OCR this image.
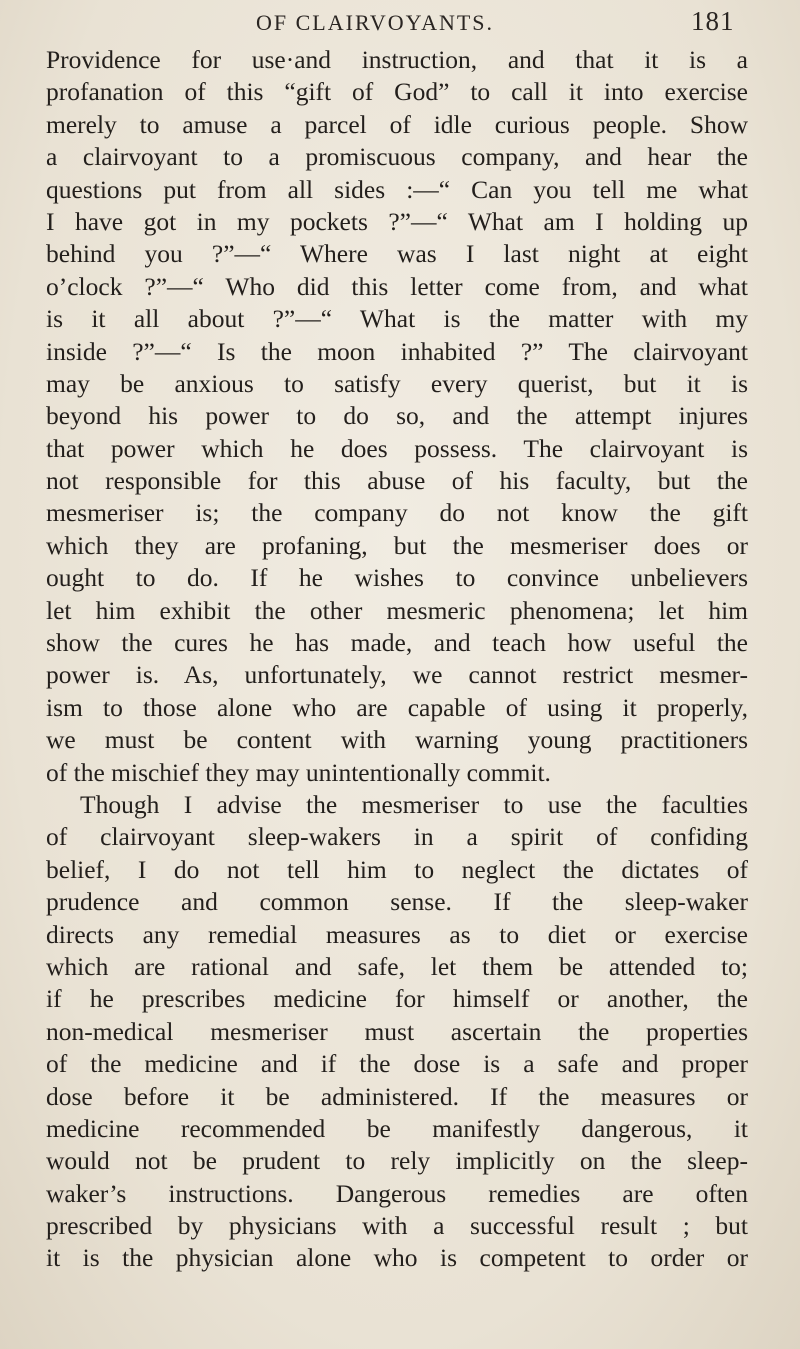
OF CLAIRVOYANTS.	181
Providence for use·and instruction, and that it is a
profanation of this “gift of God” to call it into exercise
merely to amuse a parcel of idle curious people. Show
a clairvoyant to a promiscuous company, and hear the
questions put from all sides :—“ Can you tell me what
I have got in my pockets ?”—“ What am I holding up
behind you ?”—“ Where was I last night at eight
o’clock ?”—“ Who did this letter come from, and what
is it all about ?”—“ What is the matter with my
inside ?”—“ Is the moon inhabited ?” The clairvoyant
may be anxious to satisfy every querist, but it is
beyond his power to do so, and the attempt injures
that power which he does possess. The clairvoyant is
not responsible for this abuse of his faculty, but the
mesmeriser is; the company do not know the gift
which they are profaning, but the mesmeriser does or
ought to do. If he wishes to convince unbelievers
let him exhibit the other mesmeric phenomena; let him
show the cures he has made, and teach how useful the
power is. As, unfortunately, we cannot restrict mesmer-
ism to those alone who are capable of using it properly,
we must be content with warning young practitioners
of the mischief they may unintentionally commit.
Though I advise the mesmeriser to use the faculties
of clairvoyant sleep-wakers in a spirit of confiding
belief, I do not tell him to neglect the dictates of
prudence and common sense. If the sleep-waker
directs any remedial measures as to diet or exercise
which are rational and safe, let them be attended to;
if he prescribes medicine for himself or another, the
non-medical mesmeriser must ascertain the properties
of the medicine and if the dose is a safe and proper
dose before it be administered. If the measures or
medicine recommended be manifestly dangerous, it
would not be prudent to rely implicitly on the sleep-
waker’s instructions. Dangerous remedies are often
prescribed by physicians with a successful result ; but
it is the physician alone who is competent to order or
